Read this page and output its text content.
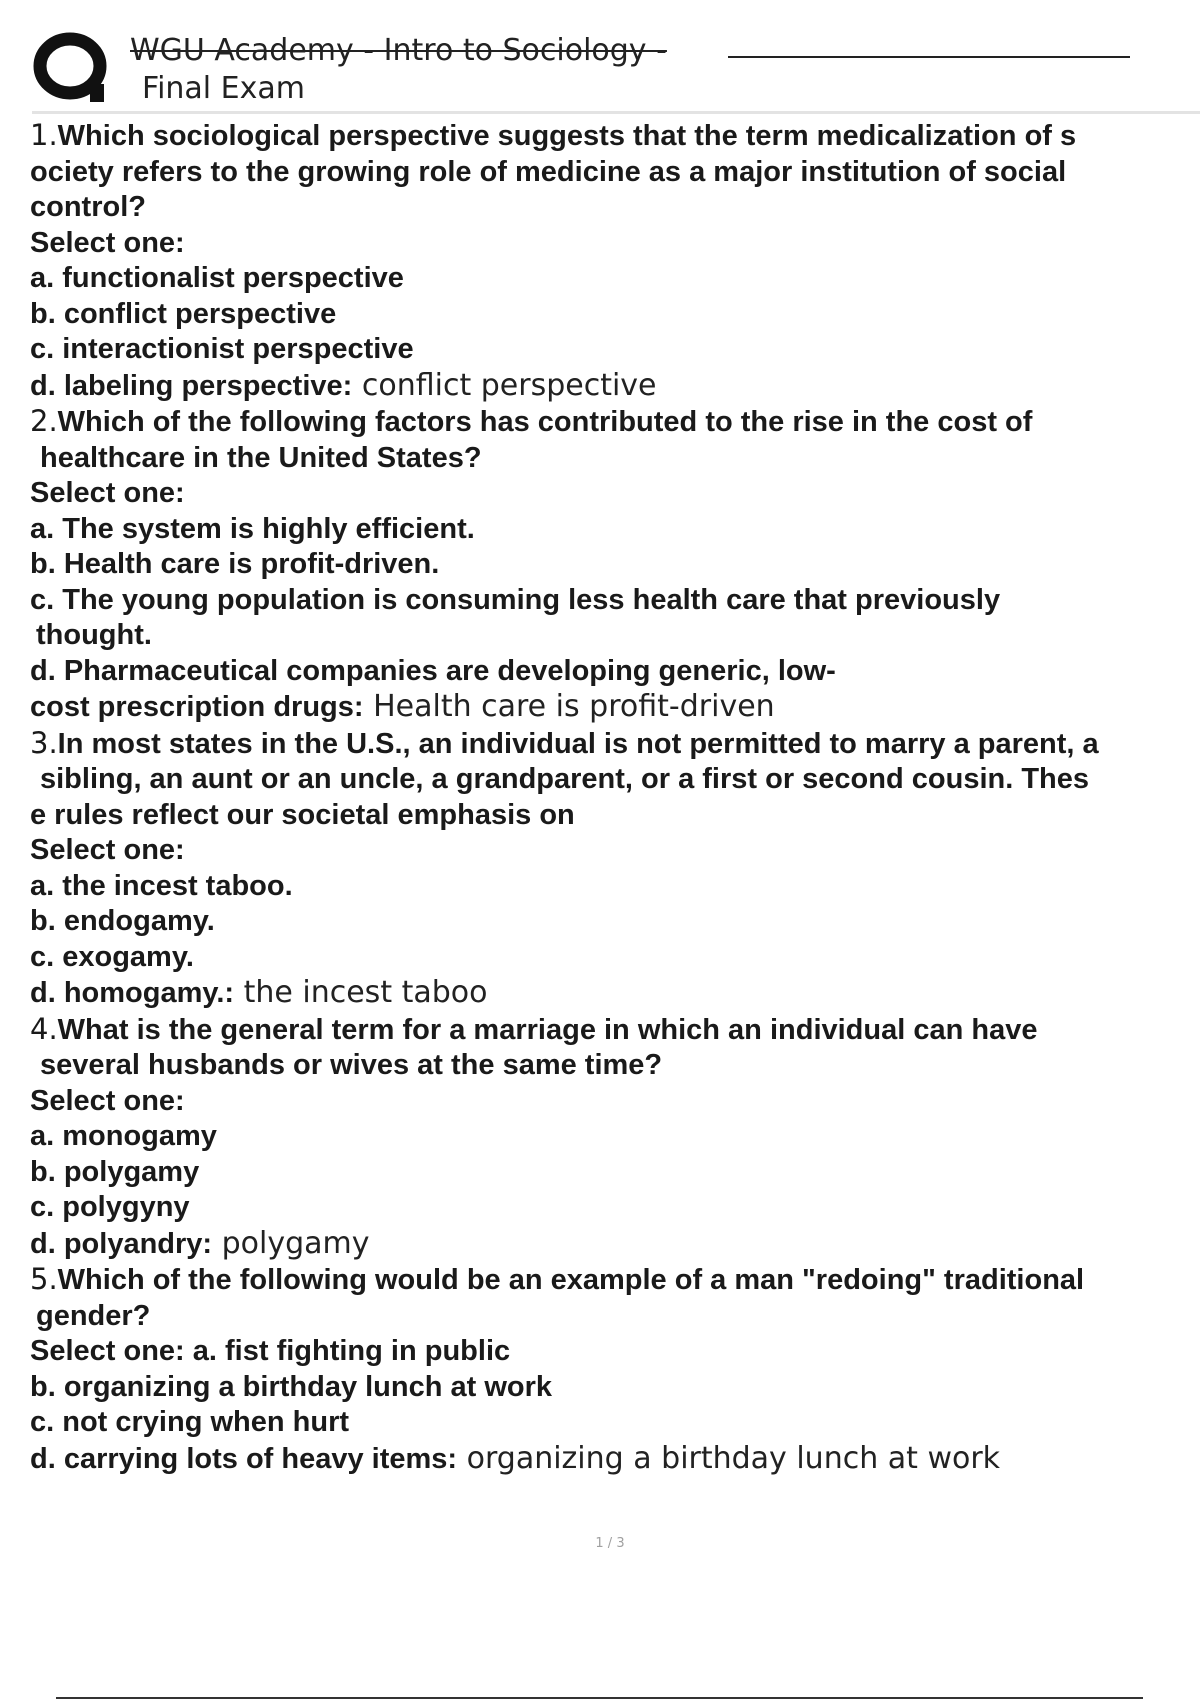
WGU Academy - Intro to Sociology -
Final Exam
1.Which sociological perspective suggests that the term medicalization of s
ociety refers to the growing role of medicine as a major institution of social
control?
Select one:
a. functionalist perspective
b. conflict perspective
c. interactionist perspective
d. labeling perspective: conflict perspective
2.Which of the following factors has contributed to the rise in the cost of
healthcare in the United States?
Select one:
a. The system is highly efficient.
b. Health care is profit-driven.
c. The young population is consuming less health care that previously
thought.
d. Pharmaceutical companies are developing generic, low-
cost prescription drugs: Health care is profit-driven
3.In most states in the U.S., an individual is not permitted to marry a parent, a
sibling, an aunt or an uncle, a grandparent, or a first or second cousin. Thes
e rules reflect our societal emphasis on
Select one:
a. the incest taboo.
b. endogamy.
c. exogamy.
d. homogamy.: the incest taboo
4.What is the general term for a marriage in which an individual can have
several husbands or wives at the same time?
Select one:
a. monogamy
b. polygamy
c. polygyny
d. polyandry: polygamy
5.Which of the following would be an example of a man "redoing" traditional
gender?
Select one: a. fist fighting in public
b. organizing a birthday lunch at work
c. not crying when hurt
d. carrying lots of heavy items: organizing a birthday lunch at work
1 / 3
